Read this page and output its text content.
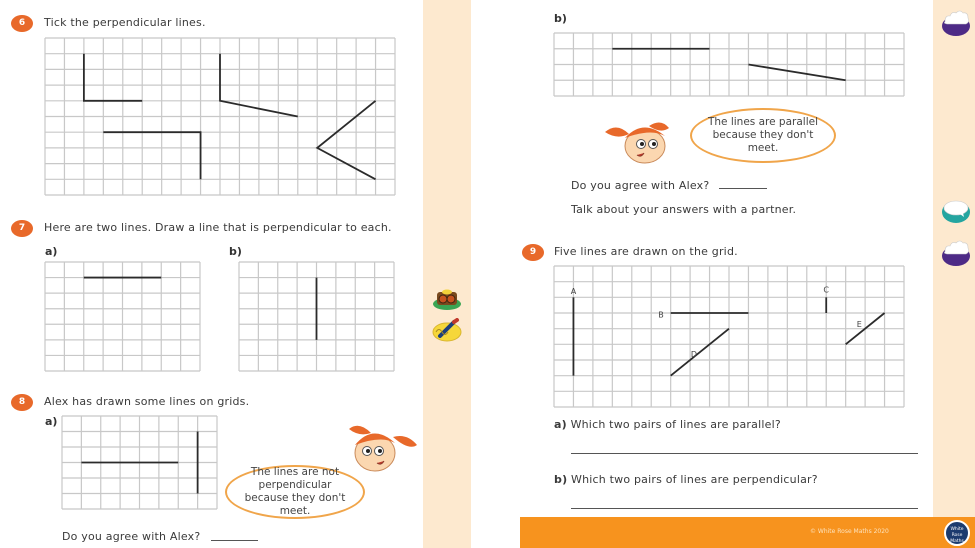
6	Tick the perpendicular lines.
7	Here are two lines. Draw a line that is perpendicular to each.
a)	b)
8	Alex has drawn some lines on grids.
a)
The lines are not perpendicular because they don't meet.
Do you agree with Alex?
b)
The lines are parallel because they don't meet.
Do you agree with Alex?
Talk about your answers with a partner.
9	Five lines are drawn on the grid.
A
B
C
D
E
a) Which two pairs of lines are parallel?
b) Which two pairs of lines are perpendicular?
© White Rose Maths 2020	White Rose Maths
